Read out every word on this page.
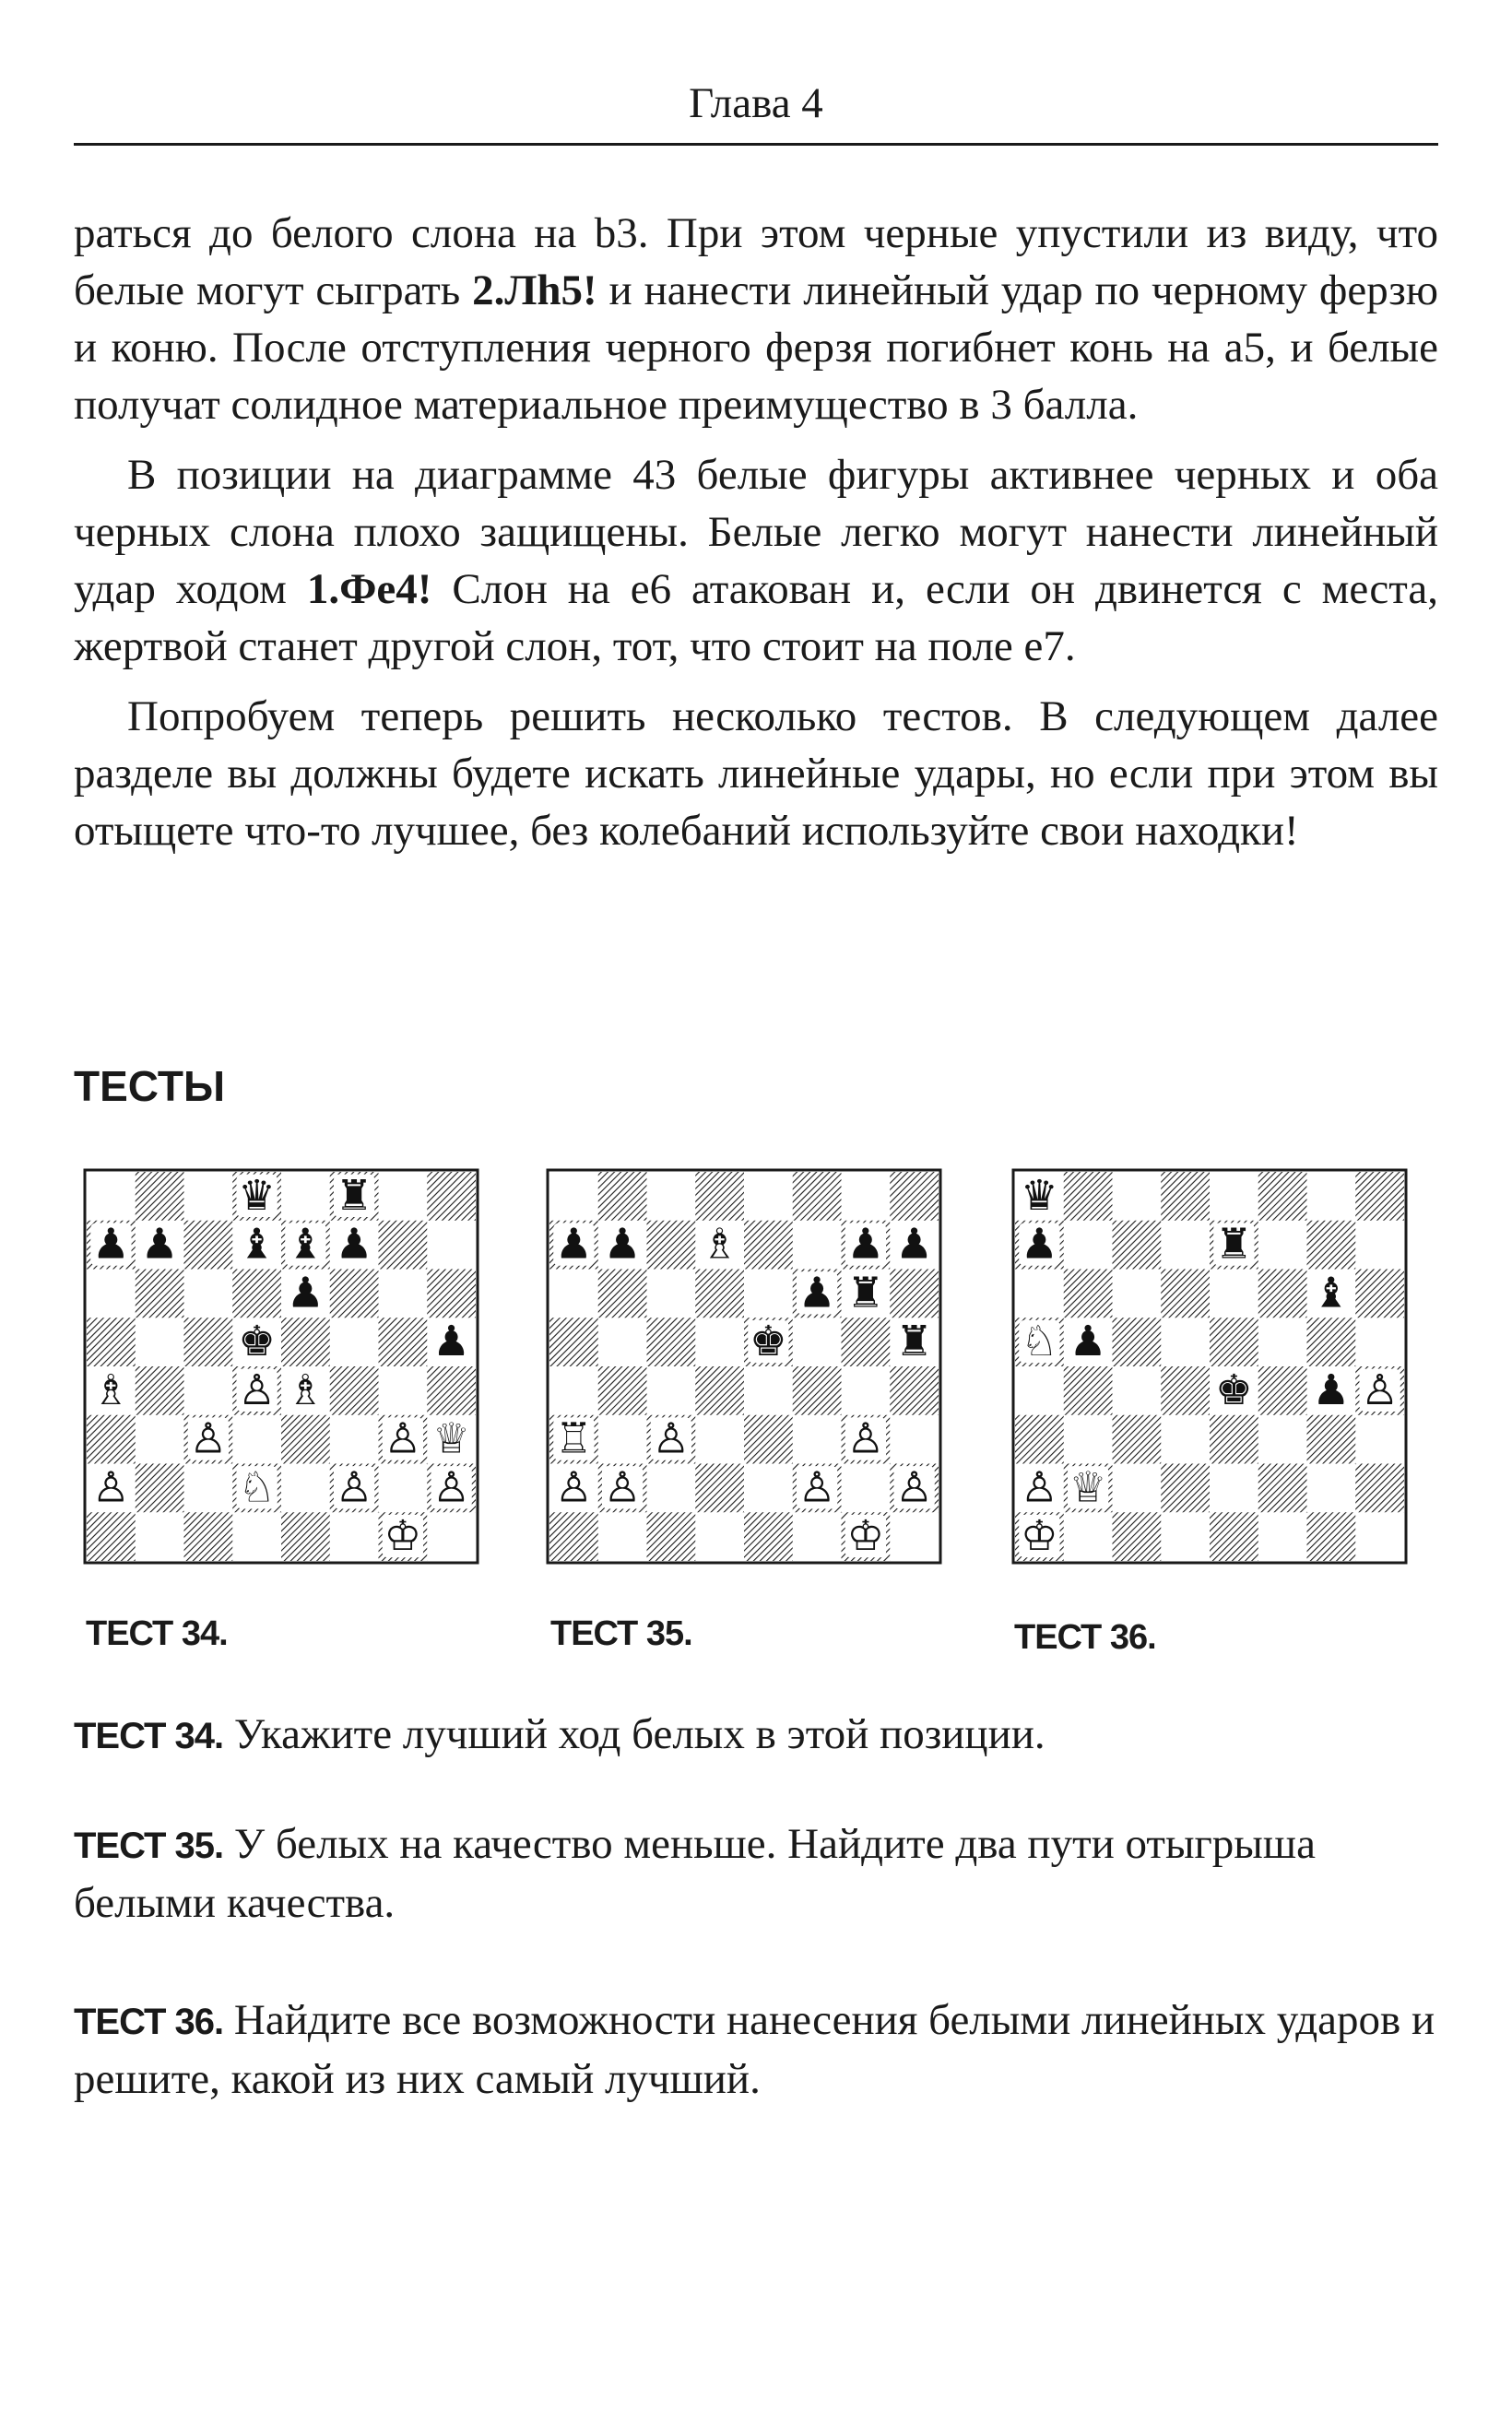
Глава 4

раться до белого слона на b3. При этом черные упустили из виду, что белые могут сыграть 2.Лh5! и нанести линейный удар по черному ферзю и коню. После отступления черного ферзя погибнет конь на a5, и белые получат солидное материальное преимущество в 3 балла.

В позиции на диаграмме 43 белые фигуры активнее черных и оба черных слона плохо защищены. Белые легко могут нанести линейный удар ходом 1.Фе4! Слон на e6 атакован и, если он двинется с места, жертвой станет другой слон, тот, что стоит на поле e7.

Попробуем теперь решить несколько тестов. В следующем далее разделе вы должны будете искать линейные удары, но если при этом вы отыщете что-то лучшее, без колебаний используйте свои находки!

ТЕСТЫ
♛ ♜
♟ ♟ ♝ ♝ ♟
♟
♚	♟
♗	♙ ♗
♙	♙ ♕
♙	♘ ♙ ♙
♔
♟ ♟ ♗	♟ ♟
♟ ♜
♚	♜
♖ ♙	♙
♙ ♙	♙ ♙
♔
♛
♟	♜
♝
♘ ♟
♚ ♟ ♙
♙ ♕
♔
ТЕСТ 34.	ТЕСТ 35.	ТЕСТ 36.
ТЕСТ 34. Укажите лучший ход белых в этой позиции.
ТЕСТ 35. У белых на качество меньше. Найдите два пути отыгрыша белыми качества.
ТЕСТ 36. Найдите все возможности нанесения белыми линейных ударов и решите, какой из них самый лучший.
